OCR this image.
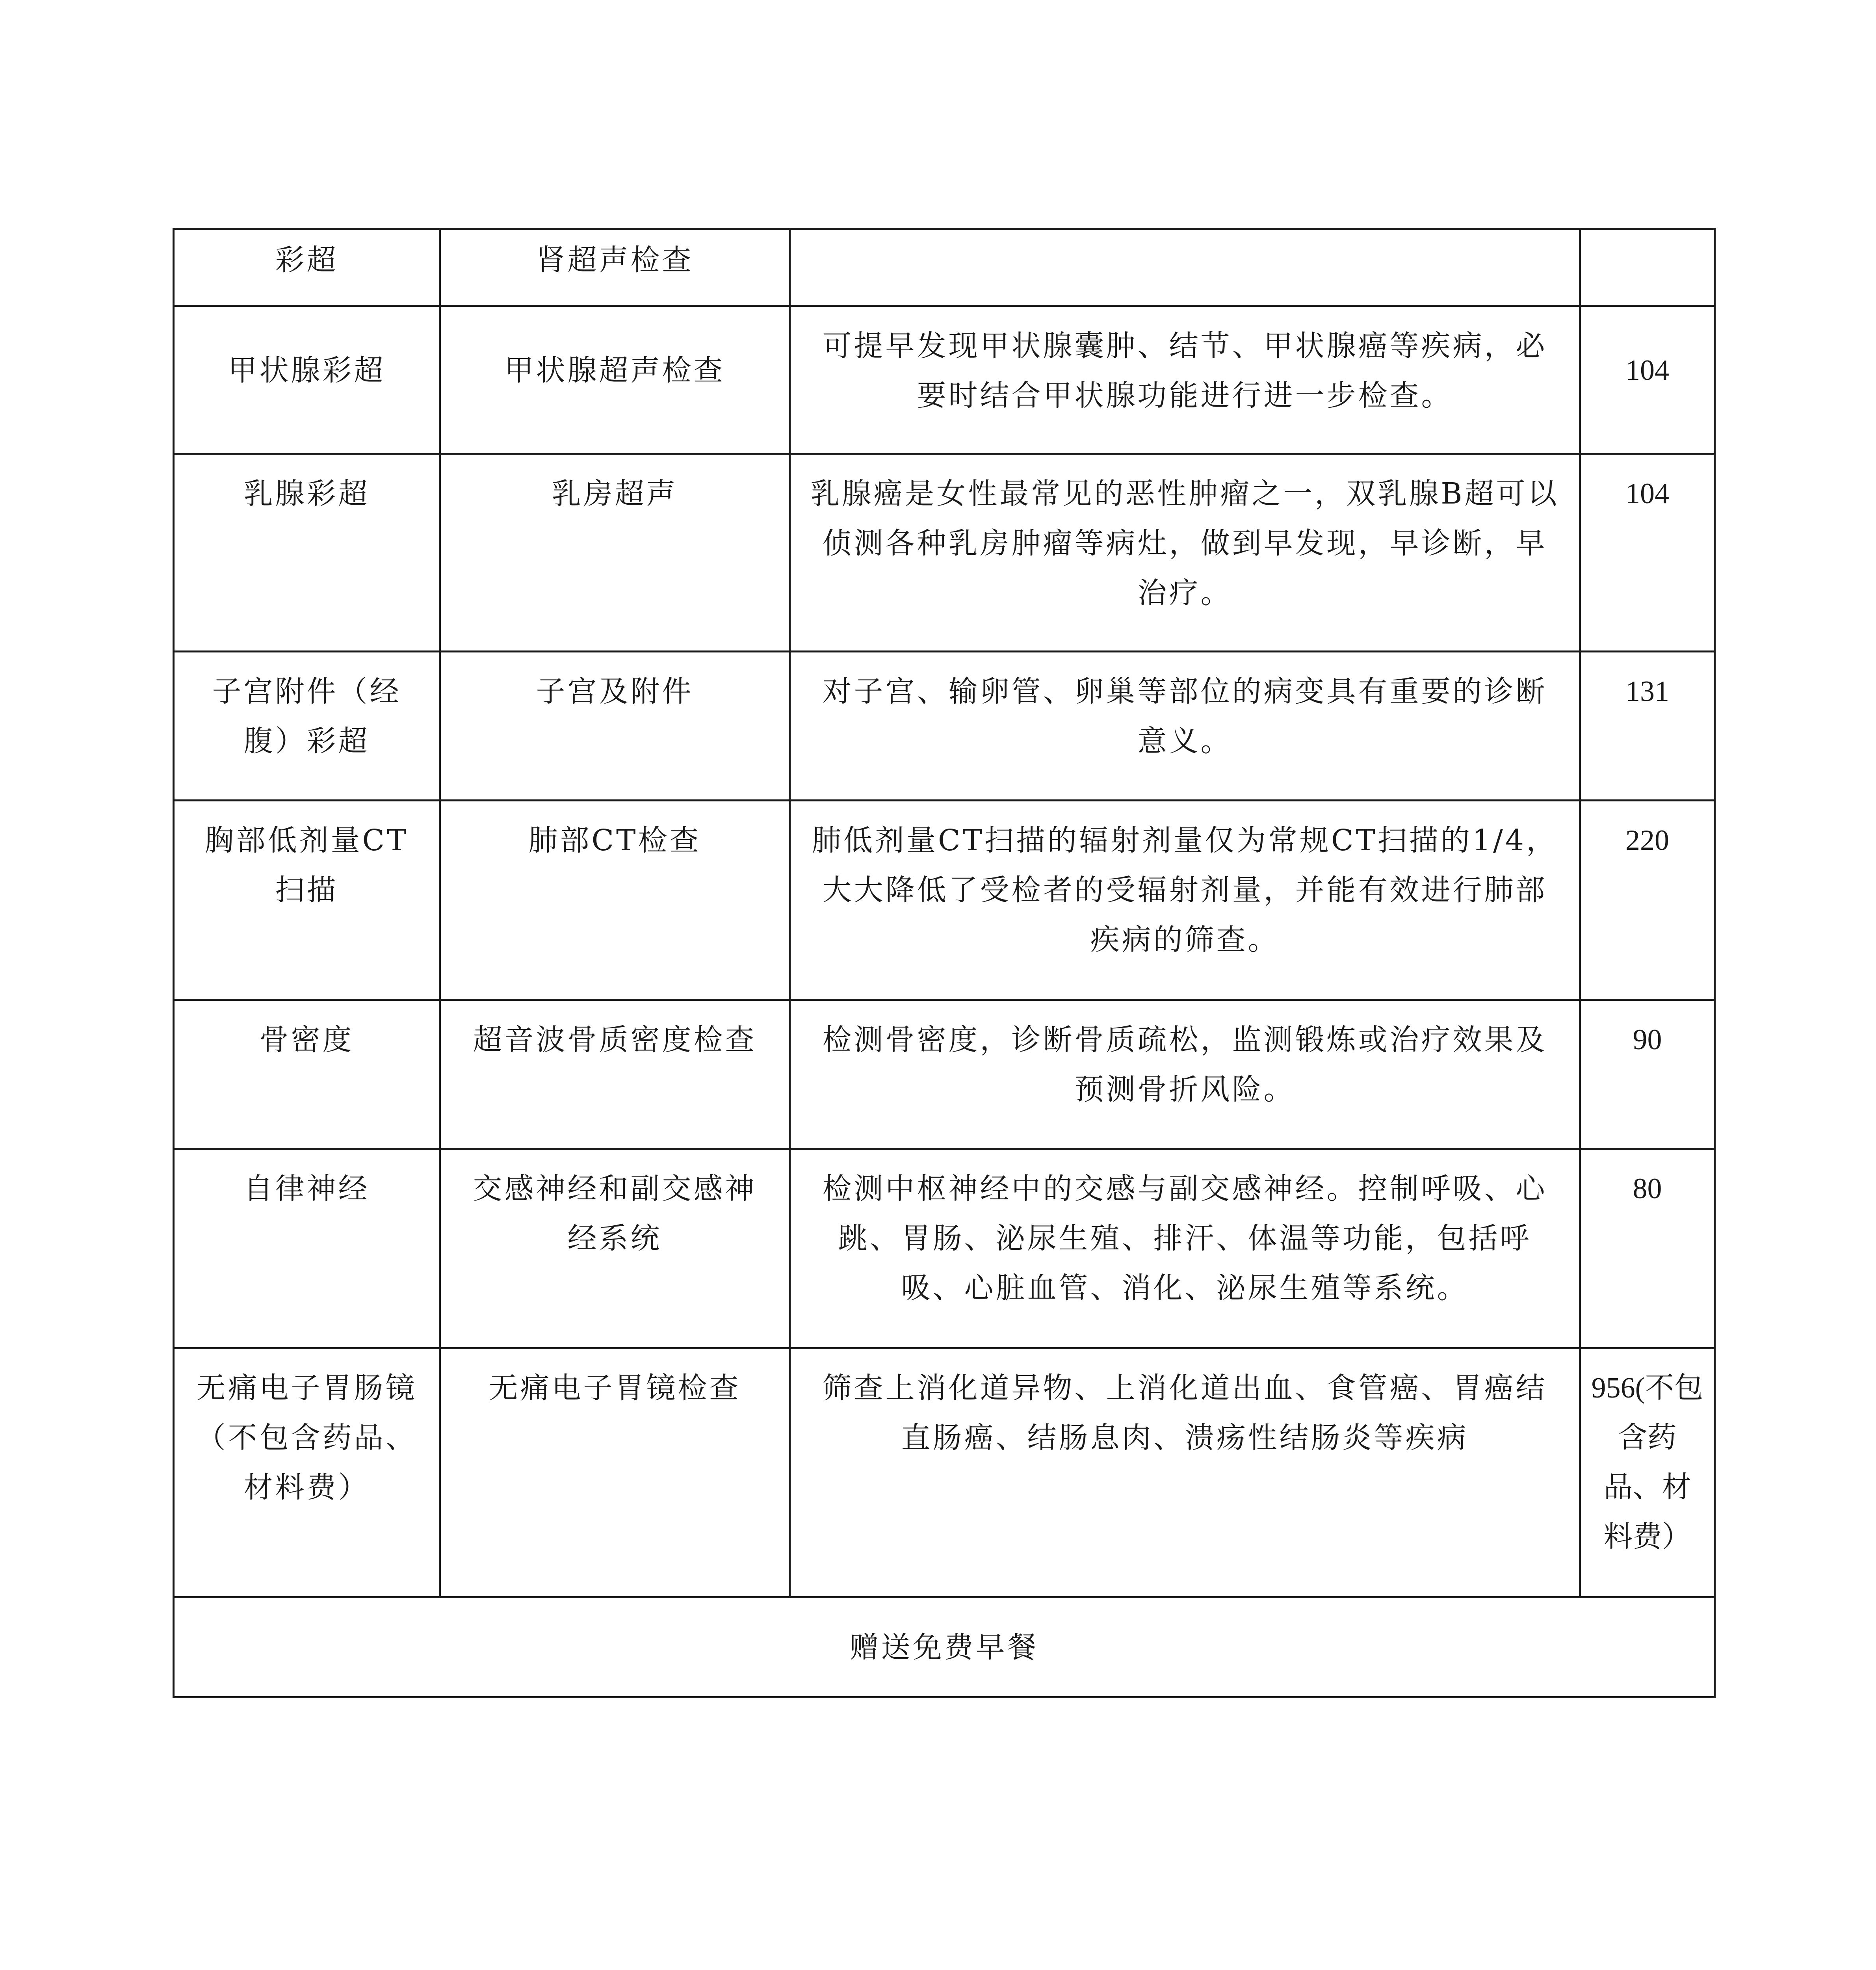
彩超	肾超声检查		

甲状腺彩超	甲状腺超声检查	可提早发现甲状腺囊肿、结节、甲状腺癌等疾病，必要时结合甲状腺功能进行进一步检查。	104

乳腺彩超	乳房超声	乳腺癌是女性最常见的恶性肿瘤之一，双乳腺B超可以侦测各种乳房肿瘤等病灶，做到早发现，早诊断，早治疗。	104

子宫附件（经腹）彩超	子宫及附件	对子宫、输卵管、卵巢等部位的病变具有重要的诊断意义。	131

胸部低剂量CT扫描	肺部CT检查	肺低剂量CT扫描的辐射剂量仅为常规CT扫描的1/4，大大降低了受检者的受辐射剂量，并能有效进行肺部疾病的筛查。	220

骨密度	超音波骨质密度检查	检测骨密度，诊断骨质疏松，监测锻炼或治疗效果及预测骨折风险。	90

自律神经	交感神经和副交感神经系统	检测中枢神经中的交感与副交感神经。控制呼吸、心跳、胃肠、泌尿生殖、排汗、体温等功能，包括呼吸、心脏血管、消化、泌尿生殖等系统。	80

无痛电子胃肠镜（不包含药品、材料费）	无痛电子胃镜检查	筛查上消化道异物、上消化道出血、食管癌、胃癌结直肠癌、结肠息肉、溃疡性结肠炎等疾病	956(不包含药品、材料费）

赠送免费早餐			
